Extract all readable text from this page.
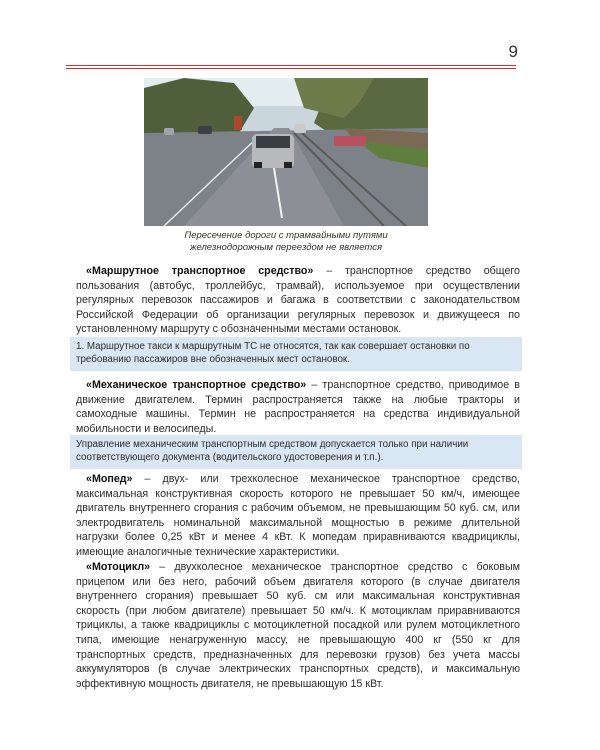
9
Пересечение дороги с трамвайными путями
железнодорожным переездом не является
«Маршрутное транспортное средство» – транспортное средство общего пользования (автобус, троллейбус, трамвай), используемое при осуществлении регулярных перевозок пассажиров и багажа в соответствии с законодательством Российской Федерации об организации регулярных перевозок и движущееся по установленному маршруту с обозначенными местами остановок.
1. Маршрутное такси к маршрутным ТС не относятся, так как совершает остановки по требованию пассажиров вне обозначенных мест остановок.
«Механическое транспортное средство» – транспортное средство, приводимое в движение двигателем. Термин распространяется также на любые тракторы и самоходные машины. Термин не распространяется на средства индивидуальной мобильности и велосипеды.
Управление механическим транспортным средством допускается только при наличии соответствующего документа (водительского удостоверения и т.п.).
«Мопед» – двух- или трехколесное механическое транспортное средство, максимальная конструктивная скорость которого не превышает 50 км/ч, имеющее двигатель внутреннего сгорания с рабочим объемом, не превышающим 50 куб. см, или электродвигатель номинальной максимальной мощностью в режиме длительной нагрузки более 0,25 кВт и менее 4 кВт. К мопедам приравниваются квадрициклы, имеющие аналогичные технические характеристики.
«Мотоцикл» – двухколесное механическое транспортное средство с боковым прицепом или без него, рабочий объем двигателя которого (в случае двигателя внутреннего сгорания) превышает 50 куб. см или максимальная конструктивная скорость (при любом двигателе) превышает 50 км/ч. К мотоциклам приравниваются трициклы, а также квадрициклы с мотоциклетной посадкой или рулем мотоциклетного типа, имеющие ненагруженную массу, не превышающую 400 кг (550 кг для транспортных средств, предназначенных для перевозки грузов) без учета массы аккумуляторов (в случае электрических транспортных средств), и максимальную эффективную мощность двигателя, не превышающую 15 кВт.
